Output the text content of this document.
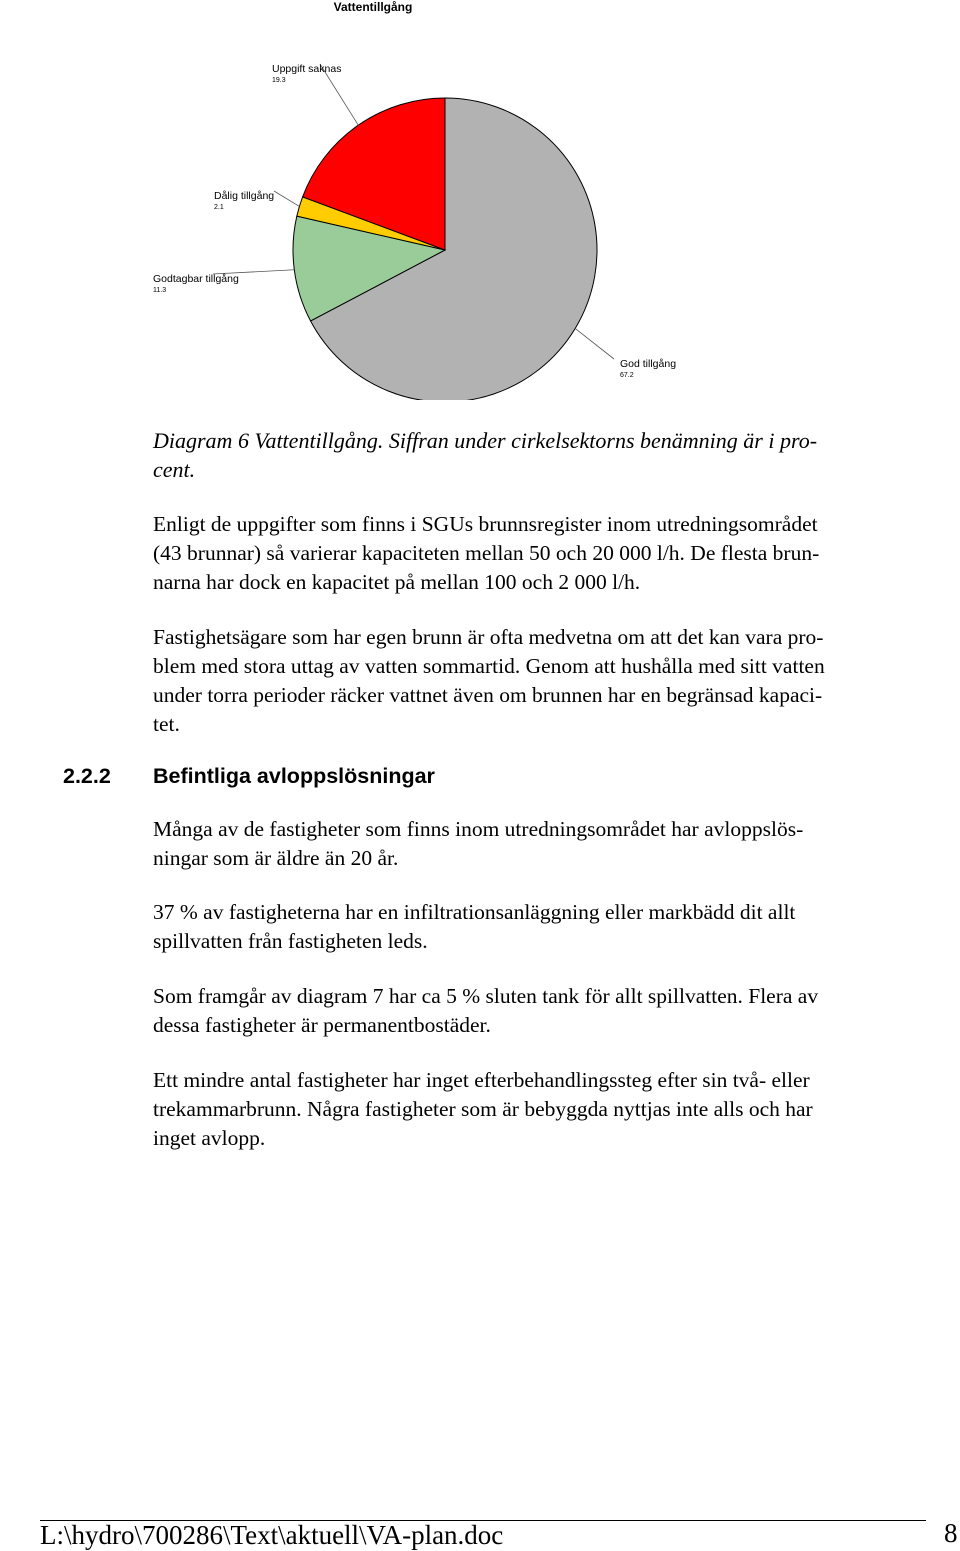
Vattentillgång
God tillgång
67.2
Godtagbar tillgång
11.3
Dålig tillgång
2.1
Uppgift saknas
19.3
Diagram 6 Vattentillgång. Siffran under cirkelsektorns benämning är i pro-
cent.
Enligt de uppgifter som finns i SGUs brunnsregister inom utredningsområdet
(43 brunnar) så varierar kapaciteten mellan 50 och 20 000 l/h. De flesta brun-
narna har dock en kapacitet på mellan 100 och 2 000 l/h.
Fastighetsägare som har egen brunn är ofta medvetna om att det kan vara pro-
blem med stora uttag av vatten sommartid. Genom att hushålla med sitt vatten
under torra perioder räcker vattnet även om brunnen har en begränsad kapaci-
tet.
2.2.2 Befintliga avloppslösningar
Många av de fastigheter som finns inom utredningsområdet har avloppslös-
ningar som är äldre än 20 år.
37 % av fastigheterna har en infiltrationsanläggning eller markbädd dit allt
spillvatten från fastigheten leds.
Som framgår av diagram 7 har ca 5 % sluten tank för allt spillvatten. Flera av
dessa fastigheter är permanentbostäder.
Ett mindre antal fastigheter har inget efterbehandlingssteg efter sin två- eller
trekammarbrunn. Några fastigheter som är bebyggda nyttjas inte alls och har
inget avlopp.
L:\hydro\700286\Text\aktuell\VA-plan.doc	8
